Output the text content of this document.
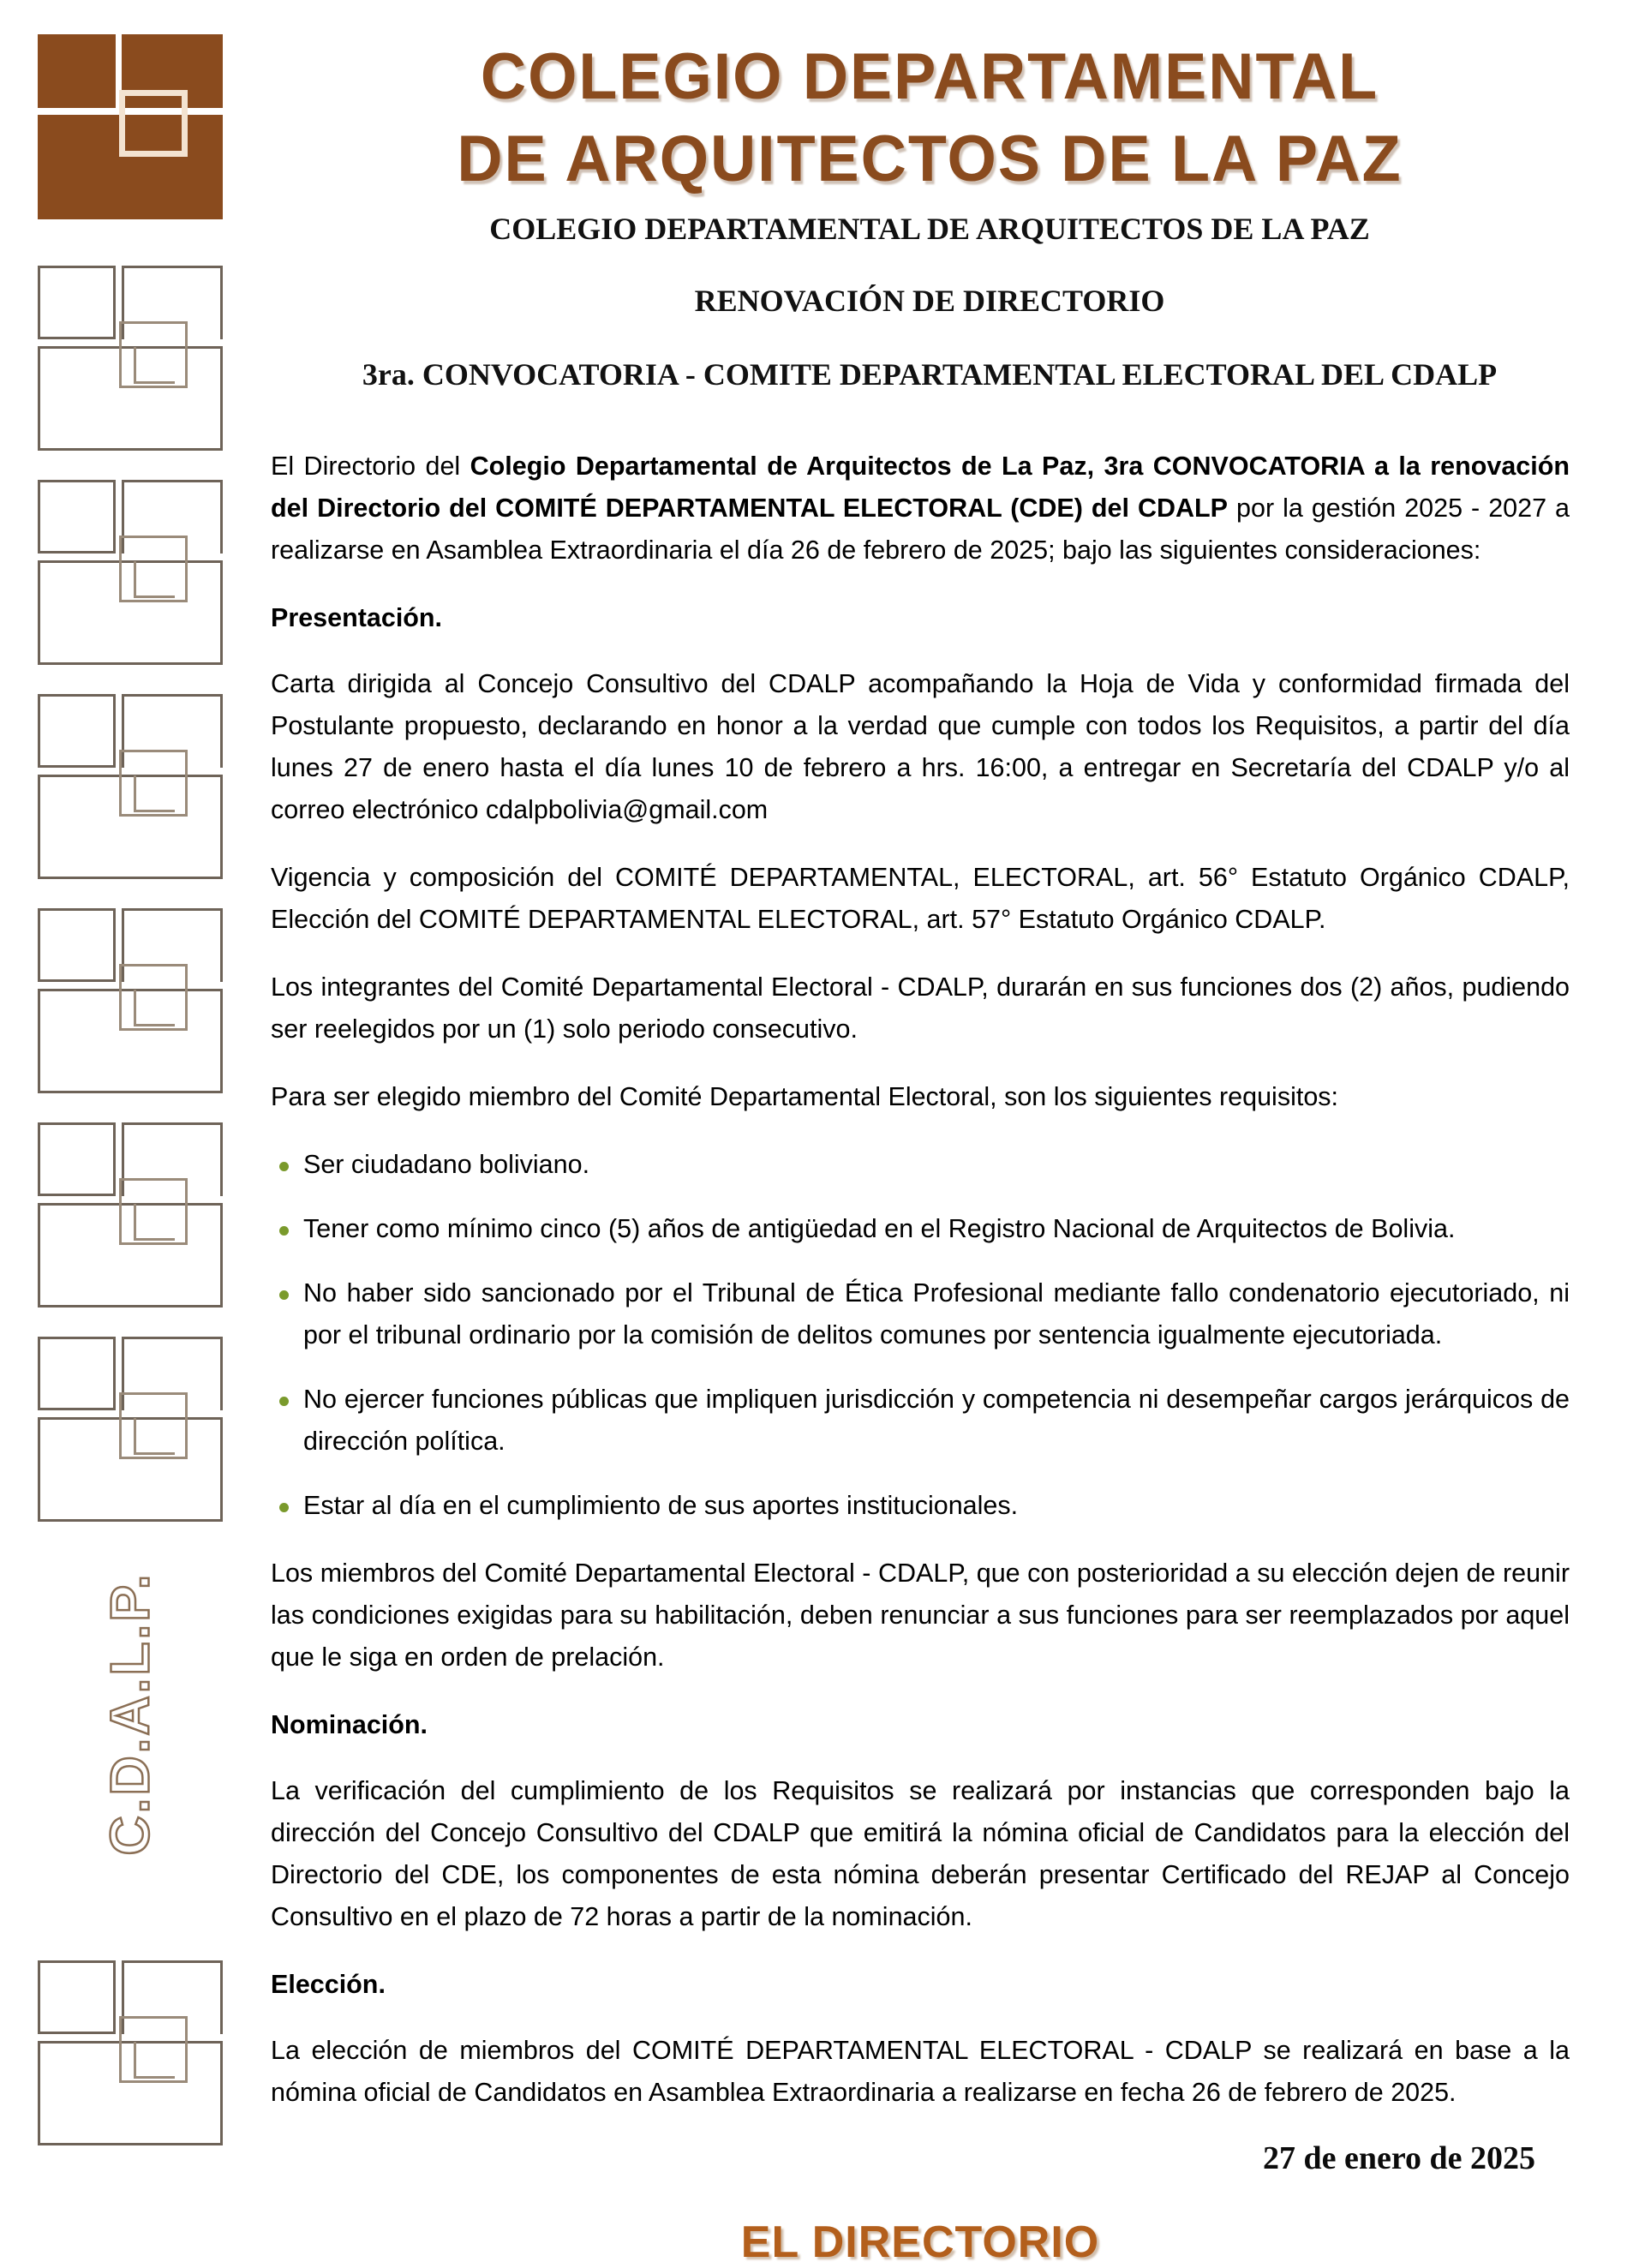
C.D.A.L.P.
COLEGIO DEPARTAMENTAL
DE ARQUITECTOS DE LA PAZ
COLEGIO DEPARTAMENTAL DE ARQUITECTOS DE LA PAZ
RENOVACIÓN DE DIRECTORIO
3ra. CONVOCATORIA - COMITE DEPARTAMENTAL ELECTORAL DEL CDALP

El Directorio del Colegio Departamental de Arquitectos de La Paz, 3ra CONVOCATORIA a la renovación del Directorio del COMITÉ DEPARTAMENTAL ELECTORAL (CDE) del CDALP por la gestión 2025 - 2027 a realizarse en Asamblea Extraordinaria el día 26 de febrero de 2025; bajo las siguientes consideraciones:

Presentación.

Carta dirigida al Concejo Consultivo del CDALP acompañando la Hoja de Vida y conformidad firmada del Postulante propuesto, declarando en honor a la verdad que cumple con todos los Requisitos, a partir del día lunes 27 de enero hasta el día lunes 10 de febrero a hrs. 16:00, a entregar en Secretaría del CDALP y/o al correo electrónico cdalpbolivia@gmail.com

Vigencia y composición del COMITÉ DEPARTAMENTAL, ELECTORAL, art. 56° Estatuto Orgánico CDALP, Elección del COMITÉ DEPARTAMENTAL ELECTORAL, art. 57° Estatuto Orgánico CDALP.

Los integrantes del Comité Departamental Electoral - CDALP, durarán en sus funciones dos (2) años, pudiendo ser reelegidos por un (1) solo periodo consecutivo.

Para ser elegido miembro del Comité Departamental Electoral, son los siguientes requisitos:

Ser ciudadano boliviano.
Tener como mínimo cinco (5) años de antigüedad en el Registro Nacional de Arquitectos de Bolivia.
No haber sido sancionado por el Tribunal de Ética Profesional mediante fallo condenatorio ejecutoriado, ni por el tribunal ordinario por la comisión de delitos comunes por sentencia igualmente ejecutoriada.
No ejercer funciones públicas que impliquen jurisdicción y competencia ni desempeñar cargos jerárquicos de dirección política.
Estar al día en el cumplimiento de sus aportes institucionales.

Los miembros del Comité Departamental Electoral - CDALP, que con posterioridad a su elección dejen de reunir las condiciones exigidas para su habilitación, deben renunciar a sus funciones para ser reemplazados por aquel que le siga en orden de prelación.

Nominación.

La verificación del cumplimiento de los Requisitos se realizará por instancias que corresponden bajo la dirección del Concejo Consultivo del CDALP que emitirá la nómina oficial de Candidatos para la elección del Directorio del CDE, los componentes de esta nómina deberán presentar Certificado del REJAP al Concejo Consultivo en el plazo de 72 horas a partir de la nominación.

Elección.

La elección de miembros del COMITÉ DEPARTAMENTAL ELECTORAL - CDALP se realizará en base a la nómina oficial de Candidatos en Asamblea Extraordinaria a realizarse en fecha 26 de febrero de 2025.

27 de enero de 2025
EL DIRECTORIO
